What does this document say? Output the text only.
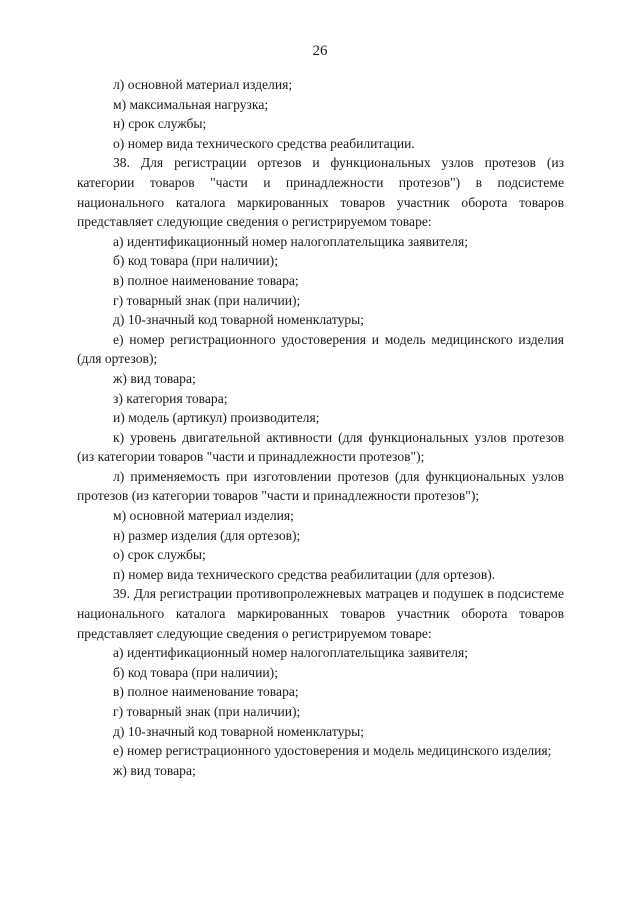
26

л) основной материал изделия;

м) максимальная нагрузка;

н) срок службы;

о) номер вида технического средства реабилитации.

38. Для регистрации ортезов и функциональных узлов протезов (из категории товаров "части и принадлежности протезов") в подсистеме национального каталога маркированных товаров участник оборота товаров представляет следующие сведения о регистрируемом товаре:

а) идентификационный номер налогоплательщика заявителя;

б) код товара (при наличии);

в) полное наименование товара;

г) товарный знак (при наличии);

д) 10-значный код товарной номенклатуры;

е) номер регистрационного удостоверения и модель медицинского изделия (для ортезов);

ж) вид товара;

з) категория товара;

и) модель (артикул) производителя;

к) уровень двигательной активности (для функциональных узлов протезов (из категории товаров "части и принадлежности протезов");

л) применяемость при изготовлении протезов (для функциональных узлов протезов (из категории товаров "части и принадлежности протезов");

м) основной материал изделия;

н) размер изделия (для ортезов);

о) срок службы;

п) номер вида технического средства реабилитации (для ортезов).

39. Для регистрации противопролежневых матрацев и подушек в подсистеме национального каталога маркированных товаров участник оборота товаров представляет следующие сведения о регистрируемом товаре:

а) идентификационный номер налогоплательщика заявителя;

б) код товара (при наличии);

в) полное наименование товара;

г) товарный знак (при наличии);

д) 10-значный код товарной номенклатуры;

е) номер регистрационного удостоверения и модель медицинского изделия;

ж) вид товара;
